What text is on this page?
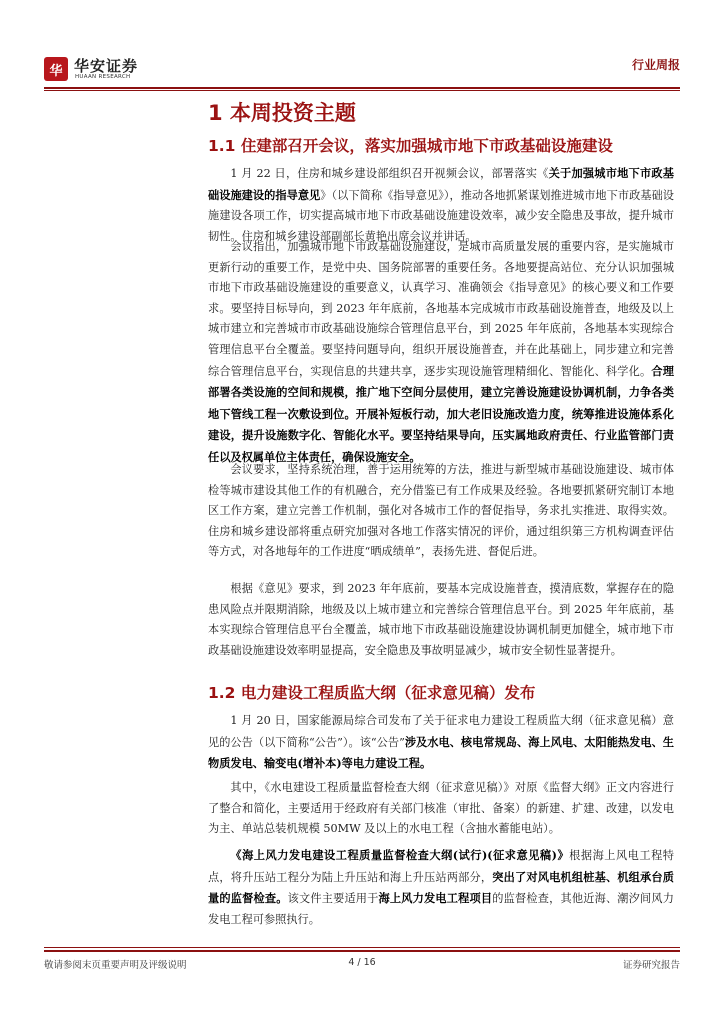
华 华安证券
HUAAN RESEARCH
行业周报
1 本周投资主题
1.1 住建部召开会议，落实加强城市地下市政基础设施建设
1 月 22 日，住房和城乡建设部组织召开视频会议，部署落实《关于加强城市地下市政基础设施建设的指导意见》（以下简称《指导意见》），推动各地抓紧谋划推进城市地下市政基础设施建设各项工作，切实提高城市地下市政基础设施建设效率，减少安全隐患及事故，提升城市韧性。住房和城乡建设部副部长黄艳出席会议并讲话。
会议指出，加强城市地下市政基础设施建设，是城市高质量发展的重要内容，是实施城市更新行动的重要工作，是党中央、国务院部署的重要任务。各地要提高站位、充分认识加强城市地下市政基础设施建设的重要意义，认真学习、准确领会《指导意见》的核心要义和工作要求。要坚持目标导向，到 2023 年年底前，各地基本完成城市市政基础设施普查，地级及以上城市建立和完善城市市政基础设施综合管理信息平台，到 2025 年年底前，各地基本实现综合管理信息平台全覆盖。要坚持问题导向，组织开展设施普查，并在此基础上，同步建立和完善综合管理信息平台，实现信息的共建共享，逐步实现设施管理精细化、智能化、科学化。合理部署各类设施的空间和规模，推广地下空间分层使用，建立完善设施建设协调机制，力争各类地下管线工程一次敷设到位。开展补短板行动，加大老旧设施改造力度，统筹推进设施体系化建设，提升设施数字化、智能化水平。要坚持结果导向，压实属地政府责任、行业监管部门责任以及权属单位主体责任，确保设施安全。
会议要求，坚持系统治理，善于运用统筹的方法，推进与新型城市基础设施建设、城市体检等城市建设其他工作的有机融合，充分借鉴已有工作成果及经验。各地要抓紧研究制订本地区工作方案，建立完善工作机制，强化对各城市工作的督促指导，务求扎实推进、取得实效。住房和城乡建设部将重点研究加强对各地工作落实情况的评价，通过组织第三方机构调查评估等方式，对各地每年的工作进度“晒成绩单”，表扬先进、督促后进。
根据《意见》要求，到 2023 年年底前，要基本完成设施普查，摸清底数，掌握存在的隐患风险点并限期消除，地级及以上城市建立和完善综合管理信息平台。到 2025 年年底前，基本实现综合管理信息平台全覆盖，城市地下市政基础设施建设协调机制更加健全，城市地下市政基础设施建设效率明显提高，安全隐患及事故明显减少，城市安全韧性显著提升。
1.2 电力建设工程质监大纲（征求意见稿）发布
1 月 20 日，国家能源局综合司发布了关于征求电力建设工程质监大纲（征求意见稿）意见的公告（以下简称“公告”）。该“公告”涉及水电、核电常规岛、海上风电、太阳能热发电、生物质发电、输变电(增补本)等电力建设工程。
其中，《水电建设工程质量监督检查大纲（征求意见稿）》对原《监督大纲》正文内容进行了整合和简化，主要适用于经政府有关部门核准（审批、备案）的新建、扩建、改建，以发电为主、单站总装机规模 50MW 及以上的水电工程（含抽水蓄能电站）。
《海上风力发电建设工程质量监督检查大纲(试行)(征求意见稿)》根据海上风电工程特点，将升压站工程分为陆上升压站和海上升压站两部分，突出了对风电机组桩基、机组承台质量的监督检查。该文件主要适用于海上风力发电工程项目的监督检查，其他近海、潮汐间风力发电工程可参照执行。
敬请参阅末页重要声明及评级说明	4 / 16	证券研究报告
